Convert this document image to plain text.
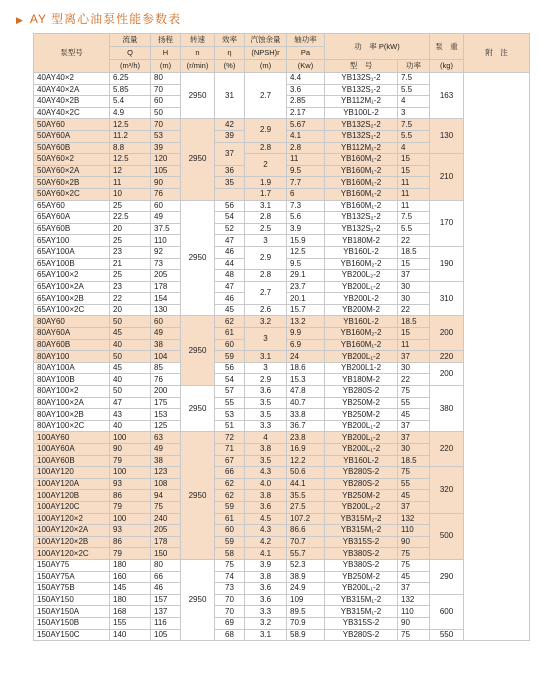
▶ AY 型离心油泵性能参数表
泵型号	流量	扬程	转速	效率	汽蚀余量	轴功率	功　率 P(kW)		泵　重	附　注
	Q	H	n	η	(NPSH)r	Pa				
	(m³/h)	(m)	(r/min)	(%)	(m)	(Kw)	型　号	功率	(kg)	
40AY40×2	6.25	80	2950	31	2.7	4.4	YB132S₁-2	7.5	163	
40AY40×2A	5.85	70				3.6	YB132S₁-2	5.5		
40AY40×2B	5.4	60				2.85	YB112M₁-2	4		
40AY40×2C	4.9	50				2.17	YB100L-2	3		
50AY60	12.5	70	2950	42	2.9	5.67	YB132S₂-2	7.5	130	
50AY60A	11.2	53		39		4.1	YB132S₁-2	5.5		
50AY60B	8.8	39		37	2.8	2.8	YB112M₁-2	4		
50AY60×2	12.5	120			2	11	YB160M₁-2	15	210	
50AY60×2A	12	105		36		9.5	YB160M₁-2	15		
50AY60×2B	11	90		35	1.9	7.7	YB160M₁-2	11		
50AY60×2C	10	76			1.7	6	YB160M₁-2	11		
65AY60	25	60	2950	56	3.1	7.3	YB160M₁-2	11	170	
65AY60A	22.5	49		54	2.8	5.6	YB132S₂-2	7.5		
65AY60B	20	37.5		52	2.5	3.9	YB132S₁-2	5.5		
65AY100	25	110		47	3	15.9	YB180M-2	22		
65AY100A	23	92		46	2.9	12.5	YB160L-2	18.5	190	
65AY100B	21	73		44		9.5	YB160M₂-2	15		
65AY100×2	25	205		48	2.8	29.1	YB200L₂-2	37		
65AY100×2A	23	178		47	2.7	23.7	YB200L₁-2	30	310	
65AY100×2B	22	154		46		20.1	YB200L-2	30		
65AY100×2C	20	130		45	2.6	15.7	YB200M-2	22		
80AY60	50	60	2950	62	3.2	13.2	YB160L-2	18.5	200	
80AY60A	45	49		61	3	9.9	YB160M₂-2	15		
80AY60B	40	38		60		6.9	YB160M₁-2	11		
80AY100	50	104		59	3.1	24	YB200L₁-2	37	220	
80AY100A	45	85		56	3	18.6	YB200L1-2	30	200	
80AY100B	40	76		54	2.9	15.3	YB180M-2	22		
80AY100×2	50	200	2950	57	3.6	47.8	YB280S-2	75	380	
80AY100×2A	47	175		55	3.5	40.7	YB250M-2	55		
80AY100×2B	43	153		53	3.5	33.8	YB250M-2	45		
80AY100×2C	40	125		51	3.3	36.7	YB200L₁-2	37		
100AY60	100	63	2950	72	4	23.8	YB200L₁-2	37	220	
100AY60A	90	49		71	3.8	16.9	YB200L₁-2	30		
100AY60B	79	38		67	3.5	12.2	YB160L-2	18.5		
100AY120	100	123		66	4.3	50.6	YB280S-2	75	320	
100AY120A	93	108		62	4.0	44.1	YB280S-2	55		
100AY120B	86	94		62	3.8	35.5	YB250M-2	45		
100AY120C	79	75		59	3.6	27.5	YB200L₂-2	37		
100AY120×2	100	240		61	4.5	107.2	YB315M₂-2	132	500	
100AY120×2A	93	205		60	4.3	86.6	YB315M₁-2	110		
100AY120×2B	86	178		59	4.2	70.7	YB315S-2	90		
100AY120×2C	79	150		58	4.1	55.7	YB380S-2	75		
150AY75	180	80	2950	75	3.9	52.3	YB380S-2	75	290	
150AY75A	160	66		74	3.8	38.9	YB250M-2	45		
150AY75B	145	46		73	3.6	24.9	YB200L₁-2	37		
150AY150	180	157		70	3.6	109	YB315M₁-2	132	600	
150AY150A	168	137		70	3.3	89.5	YB315M₁-2	110		
150AY150B	155	116		69	3.2	70.9	YB315S-2	90		
150AY150C	140	105		68	3.1	58.9	YB280S-2	75	550	
